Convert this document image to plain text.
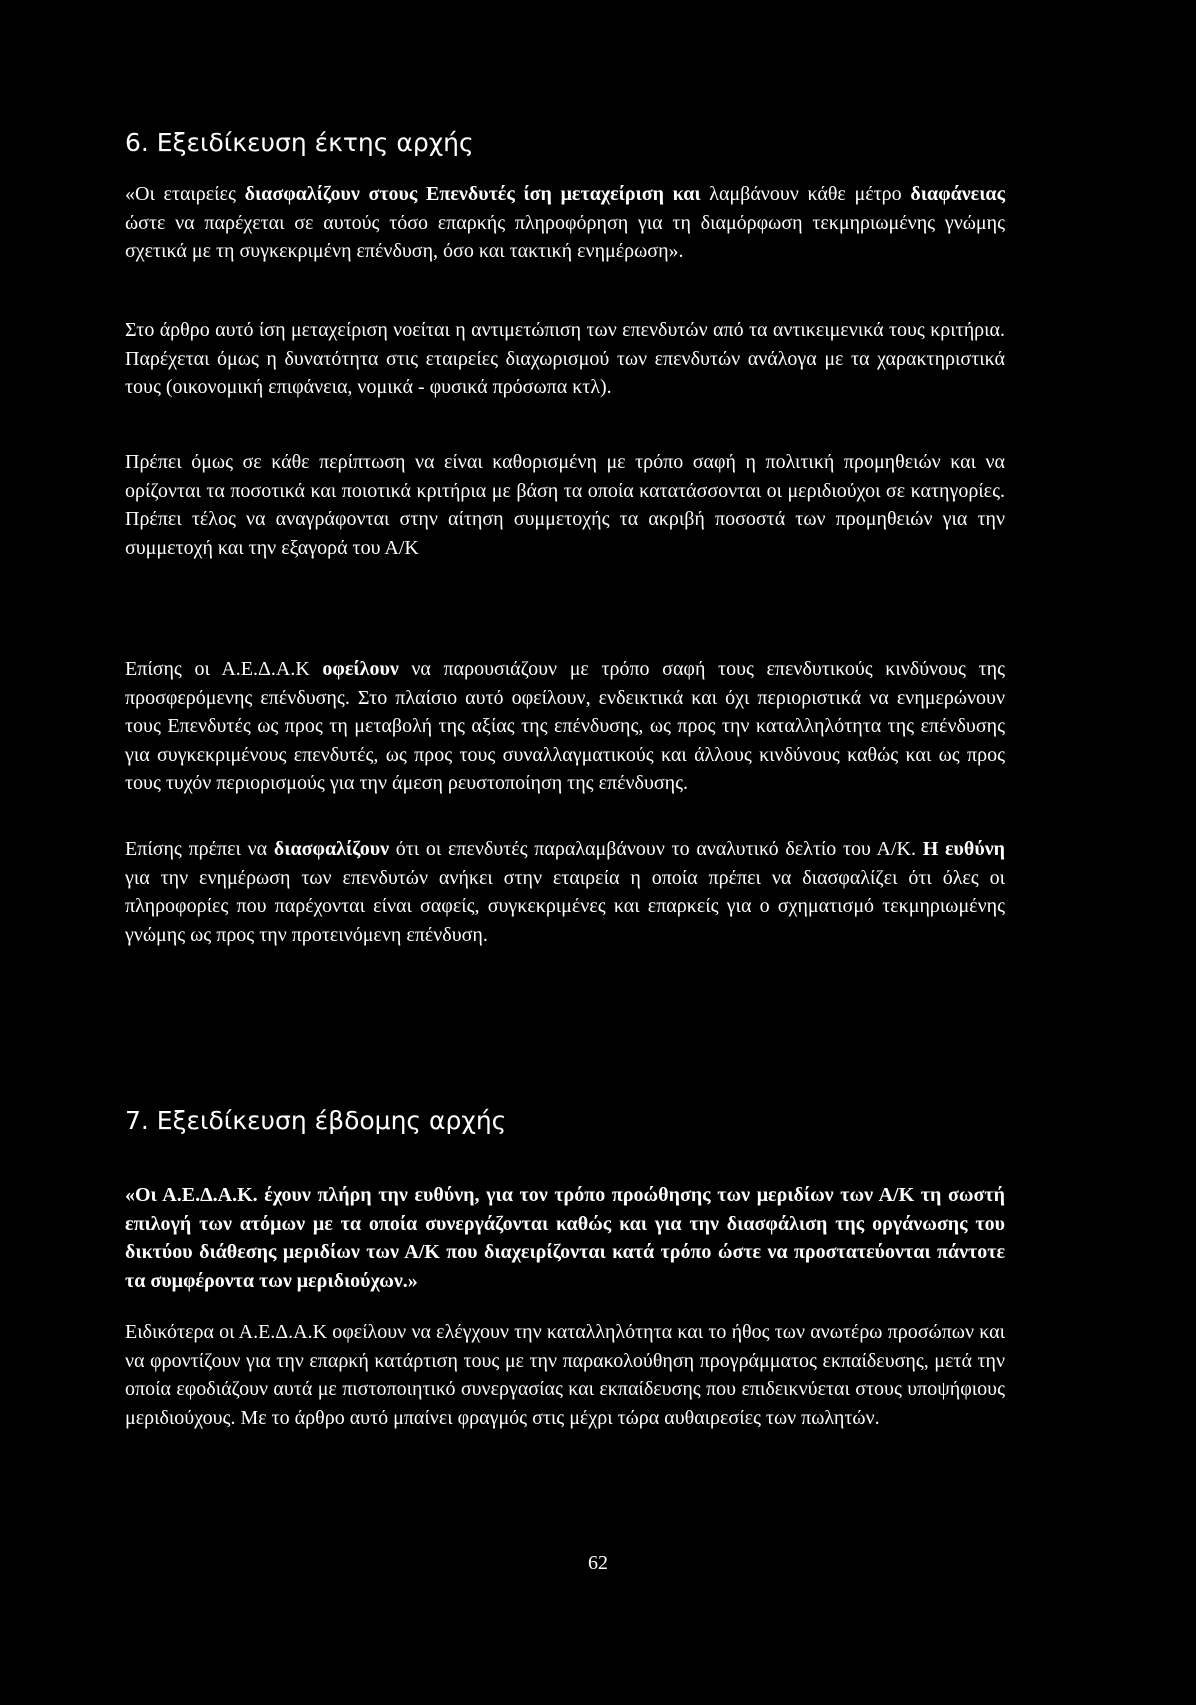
6. Εξειδίκευση έκτης αρχής

«Οι εταιρείες διασφαλίζουν στους Επενδυτές ίση μεταχείριση και λαμβάνουν κάθε μέτρο διαφάνειας ώστε να παρέχεται σε αυτούς τόσο επαρκής πληροφόρηση για τη διαμόρφωση τεκμηριωμένης γνώμης σχετικά με τη συγκεκριμένη επένδυση, όσο και τακτική ενημέρωση».

Στο άρθρο αυτό ίση μεταχείριση νοείται η αντιμετώπιση των επενδυτών από τα αντικειμενικά τους κριτήρια. Παρέχεται όμως η δυνατότητα στις εταιρείες διαχωρισμού των επενδυτών ανάλογα με τα χαρακτηριστικά τους (οικονομική επιφάνεια, νομικά - φυσικά πρόσωπα κτλ).

Πρέπει όμως σε κάθε περίπτωση να είναι καθορισμένη με τρόπο σαφή η πολιτική προμηθειών και να ορίζονται τα ποσοτικά και ποιοτικά κριτήρια με βάση τα οποία κατατάσσονται οι μεριδιούχοι σε κατηγορίες. Πρέπει τέλος να αναγράφονται στην αίτηση συμμετοχής τα ακριβή ποσοστά των προμηθειών για την συμμετοχή και την εξαγορά του Α/Κ

Επίσης οι Α.Ε.Δ.Α.Κ οφείλουν να παρουσιάζουν με τρόπο σαφή τους επενδυτικούς κινδύνους της προσφερόμενης επένδυσης. Στο πλαίσιο αυτό οφείλουν, ενδεικτικά και όχι περιοριστικά να ενημερώνουν τους Επενδυτές ως προς τη μεταβολή της αξίας της επένδυσης, ως προς την καταλληλότητα της επένδυσης για συγκεκριμένους επενδυτές, ως προς τους συναλλαγματικούς και άλλους κινδύνους καθώς και ως προς τους τυχόν περιορισμούς για την άμεση ρευστοποίηση της επένδυσης.

Επίσης πρέπει να διασφαλίζουν ότι οι επενδυτές παραλαμβάνουν το αναλυτικό δελτίο του Α/Κ. Η ευθύνη για την ενημέρωση των επενδυτών ανήκει στην εταιρεία η οποία πρέπει να διασφαλίζει ότι όλες οι πληροφορίες που παρέχονται είναι σαφείς, συγκεκριμένες και επαρκείς για ο σχηματισμό τεκμηριωμένης γνώμης ως προς την προτεινόμενη επένδυση.

7. Εξειδίκευση έβδομης αρχής

«Οι Α.Ε.Δ.Α.Κ. έχουν πλήρη την ευθύνη, για τον τρόπο προώθησης των μεριδίων των Α/Κ τη σωστή επιλογή των ατόμων με τα οποία συνεργάζονται καθώς και για την διασφάλιση της οργάνωσης του δικτύου διάθεσης μεριδίων των Α/Κ που διαχειρίζονται κατά τρόπο ώστε να προστατεύονται πάντοτε τα συμφέροντα των μεριδιούχων.»

Ειδικότερα οι Α.Ε.Δ.Α.Κ οφείλουν να ελέγχουν την καταλληλότητα και το ήθος των ανωτέρω προσώπων και να φροντίζουν για την επαρκή κατάρτιση τους με την παρακολούθηση προγράμματος εκπαίδευσης, μετά την οποία εφοδιάζουν αυτά με πιστοποιητικό συνεργασίας και εκπαίδευσης που επιδεικνύεται στους υποψήφιους μεριδιούχους. Με το άρθρο αυτό μπαίνει φραγμός στις μέχρι τώρα αυθαιρεσίες των πωλητών.

62
